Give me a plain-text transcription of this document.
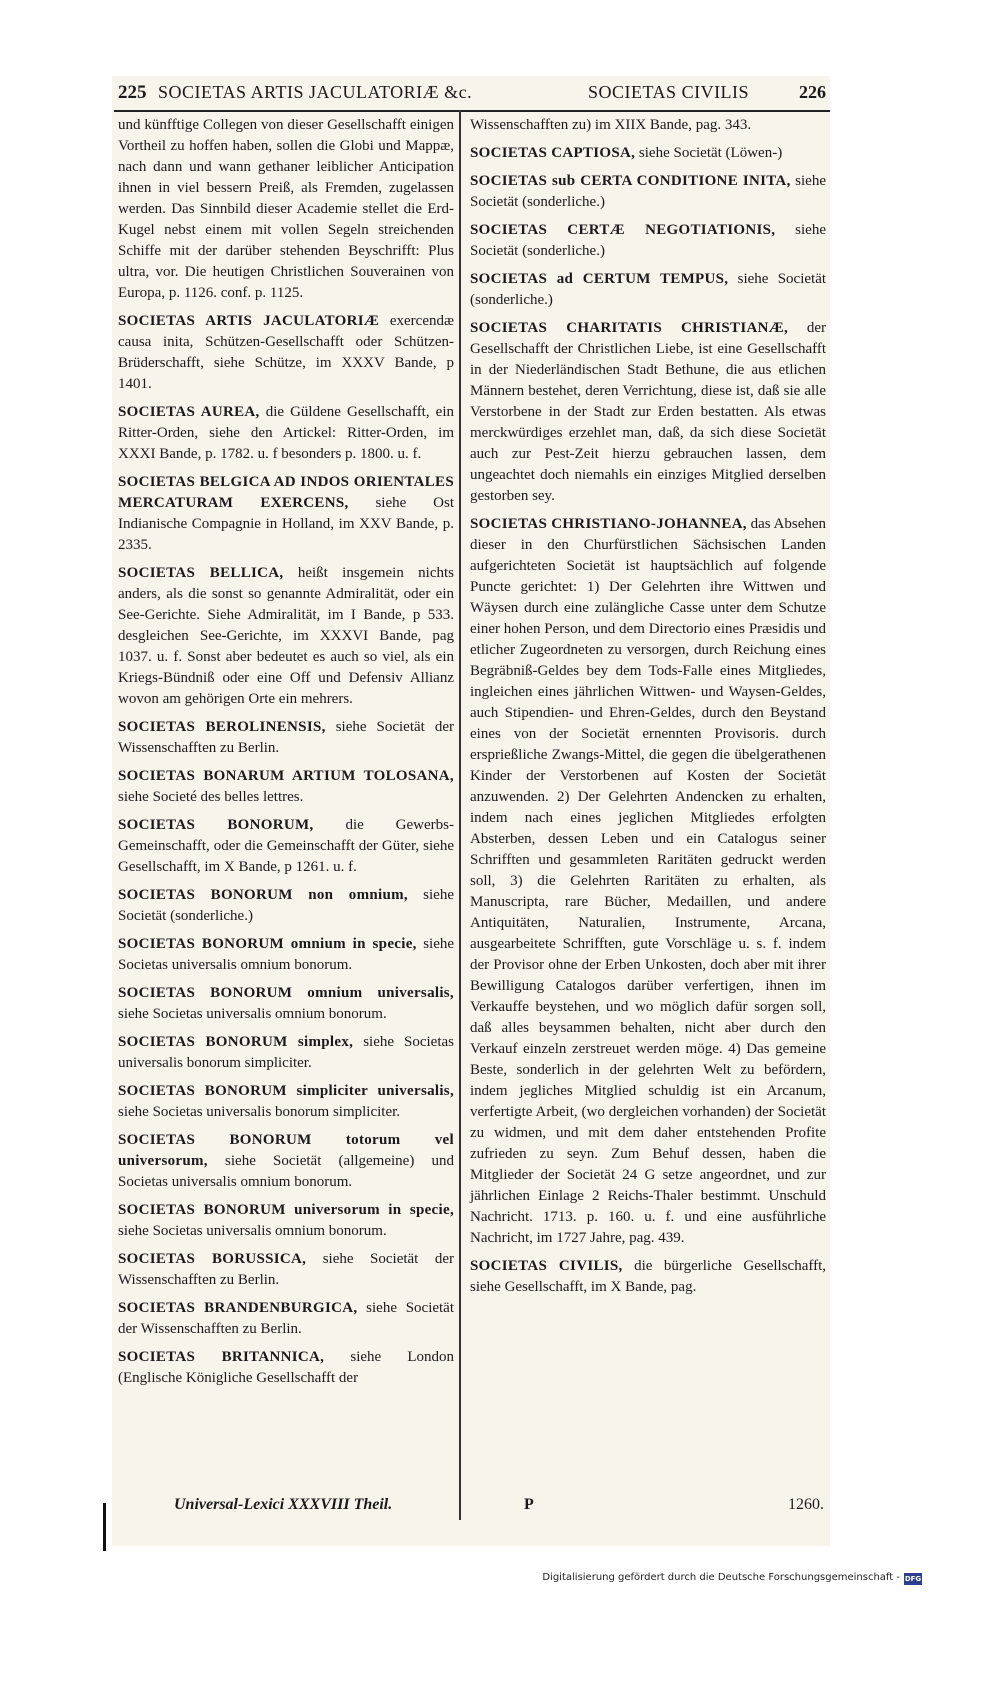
225 SOCIETAS ARTIS JACULATORIÆ &c.	SOCIETAS CIVILIS	226

und künfftige Collegen von dieser Gesellschafft einigen Vortheil zu hoffen haben, sollen die Globi und Mappæ, nach dann und wann gethaner leiblicher Anticipation ihnen in viel bessern Preiß, als Fremden, zugelassen werden. Das Sinnbild dieser Academie stellet die Erd-Kugel nebst einem mit vollen Segeln streichenden Schiffe mit der darüber stehenden Beyschrifft: Plus ultra, vor. Die heutigen Christlichen Souverainen von Europa, p. 1126. conf. p. 1125.

SOCIETAS ARTIS JACULATORIÆ exercendæ causa inita, Schützen-Gesellschafft oder Schützen-Brüderschafft, siehe Schütze, im XXXV Bande, p 1401.

SOCIETAS AUREA, die Güldene Gesellschafft, ein Ritter-Orden, siehe den Artickel: Ritter-Orden, im XXXI Bande, p. 1782. u. f besonders p. 1800. u. f.

SOCIETAS BELGICA AD INDOS ORIENTALES MERCATURAM EXERCENS, siehe Ost Indianische Compagnie in Holland, im XXV Bande, p. 2335.

SOCIETAS BELLICA, heißt insgemein nichts anders, als die sonst so genannte Admiralität, oder ein See-Gerichte. Siehe Admiralität, im I Bande, p 533. desgleichen See-Gerichte, im XXXVI Bande, pag 1037. u. f. Sonst aber bedeutet es auch so viel, als ein Kriegs-Bündniß oder eine Off und Defensiv Allianz wovon am gehörigen Orte ein mehrers.

SOCIETAS BEROLINENSIS, siehe Societät der Wissenschafften zu Berlin.

SOCIETAS BONARUM ARTIUM TOLOSANA, siehe Societé des belles lettres.

SOCIETAS BONORUM, die Gewerbs-Gemeinschafft, oder die Gemeinschafft der Güter, siehe Gesellschafft, im X Bande, p 1261. u. f.

SOCIETAS BONORUM non omnium, siehe Societät (sonderliche.)

SOCIETAS BONORUM omnium in specie, siehe Societas universalis omnium bonorum.

SOCIETAS BONORUM omnium universalis, siehe Societas universalis omnium bonorum.

SOCIETAS BONORUM simplex, siehe Societas universalis bonorum simpliciter.

SOCIETAS BONORUM simpliciter universalis, siehe Societas universalis bonorum simpliciter.

SOCIETAS BONORUM totorum vel universorum, siehe Societät (allgemeine) und Societas universalis omnium bonorum.

SOCIETAS BONORUM universorum in specie, siehe Societas universalis omnium bonorum.

SOCIETAS BORUSSICA, siehe Societät der Wissenschafften zu Berlin.

SOCIETAS BRANDENBURGICA, siehe Societät der Wissenschafften zu Berlin.

SOCIETAS BRITANNICA, siehe London (Englische Königliche Gesellschafft der

Wissenschafften zu) im XIIX Bande, pag. 343.

SOCIETAS CAPTIOSA, siehe Societät (Löwen-)

SOCIETAS sub CERTA CONDITIONE INITA, siehe Societät (sonderliche.)

SOCIETAS CERTÆ NEGOTIATIONIS, siehe Societät (sonderliche.)

SOCIETAS ad CERTUM TEMPUS, siehe Societät (sonderliche.)

SOCIETAS CHARITATIS CHRISTIANÆ, der Gesellschafft der Christlichen Liebe, ist eine Gesellschafft in der Niederländischen Stadt Bethune, die aus etlichen Männern bestehet, deren Verrichtung, diese ist, daß sie alle Verstorbene in der Stadt zur Erden bestatten. Als etwas merckwürdiges erzehlet man, daß, da sich diese Societät auch zur Pest-Zeit hierzu gebrauchen lassen, dem ungeachtet doch niemahls ein einziges Mitglied derselben gestorben sey.

SOCIETAS CHRISTIANO-JOHANNEA, das Absehen dieser in den Churfürstlichen Sächsischen Landen aufgerichteten Societät ist hauptsächlich auf folgende Puncte gerichtet: 1) Der Gelehrten ihre Wittwen und Wäysen durch eine zulängliche Casse unter dem Schutze einer hohen Person, und dem Directorio eines Præsidis und etlicher Zugeordneten zu versorgen, durch Reichung eines Begräbniß-Geldes bey dem Tods-Falle eines Mitgliedes, ingleichen eines jährlichen Wittwen- und Waysen-Geldes, auch Stipendien- und Ehren-Geldes, durch den Beystand eines von der Societät ernennten Provisoris. durch ersprießliche Zwangs-Mittel, die gegen die übelgerathenen Kinder der Verstorbenen auf Kosten der Societät anzuwenden. 2) Der Gelehrten Andencken zu erhalten, indem nach eines jeglichen Mitgliedes erfolgten Absterben, dessen Leben und ein Catalogus seiner Schrifften und gesammleten Raritäten gedruckt werden soll, 3) die Gelehrten Raritäten zu erhalten, als Manuscripta, rare Bücher, Medaillen, und andere Antiquitäten, Naturalien, Instrumente, Arcana, ausgearbeitete Schrifften, gute Vorschläge u. s. f. indem der Provisor ohne der Erben Unkosten, doch aber mit ihrer Bewilligung Catalogos darüber verfertigen, ihnen im Verkauffe beystehen, und wo möglich dafür sorgen soll, daß alles beysammen behalten, nicht aber durch den Verkauf einzeln zerstreuet werden möge. 4) Das gemeine Beste, sonderlich in der gelehrten Welt zu befördern, indem jegliches Mitglied schuldig ist ein Arcanum, verfertigte Arbeit, (wo dergleichen vorhanden) der Societät zu widmen, und mit dem daher entstehenden Profite zufrieden zu seyn. Zum Behuf dessen, haben die Mitglieder der Societät 24 G setze angeordnet, und zur jährlichen Einlage 2 Reichs-Thaler bestimmt. Unschuld Nachricht. 1713. p. 160. u. f. und eine ausführliche Nachricht, im 1727 Jahre, pag. 439.

SOCIETAS CIVILIS, die bürgerliche Gesellschafft, siehe Gesellschafft, im X Bande, pag.

Universal-Lexici XXXVIII Theil.	P	1260.
Digitalisierung gefördert durch die Deutsche Forschungsgemeinschaft - DFG
